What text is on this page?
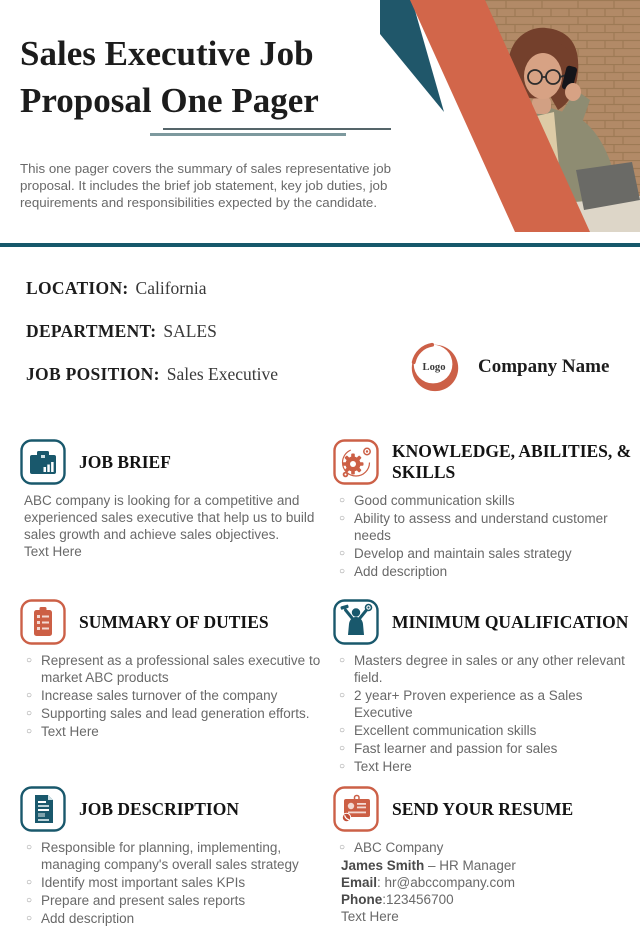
Sales Executive Job
Proposal One Pager

This one pager covers the summary of sales representative job proposal. It includes the brief job statement, key job duties, job requirements and responsibilities expected by the candidate.

LOCATION: California
DEPARTMENT: SALES
JOB POSITION: Sales Executive	Logo Company Name
JOB BRIEF

ABC company is looking for a competitive and experienced sales executive that help us to build sales growth and achieve sales objectives.

Text Here

KNOWLEDGE, ABILITIES, & SKILLS
○ Good communication skills
○ Ability to assess and understand customer needs
○ Develop and maintain sales strategy
○ Add description
SUMMARY OF DUTIES
○ Represent as a professional sales executive to market ABC products
○ Increase sales turnover of the company
○ Supporting sales and lead generation efforts.
○ Text Here
MINIMUM QUALIFICATION
○ Masters degree in sales or any other relevant field.
○ 2 year+ Proven experience as a Sales Executive
○ Excellent communication skills
○ Fast learner and passion for sales
○ Text Here
JOB DESCRIPTION
○ Responsible for planning, implementing, managing company's overall sales strategy
○ Identify most important sales KPIs
○ Prepare and present sales reports
○ Add description
SEND YOUR RESUME
○ ABC Company
James Smith – HR Manager
Email: hr@abccompany.com
Phone:123456700
Text Here
